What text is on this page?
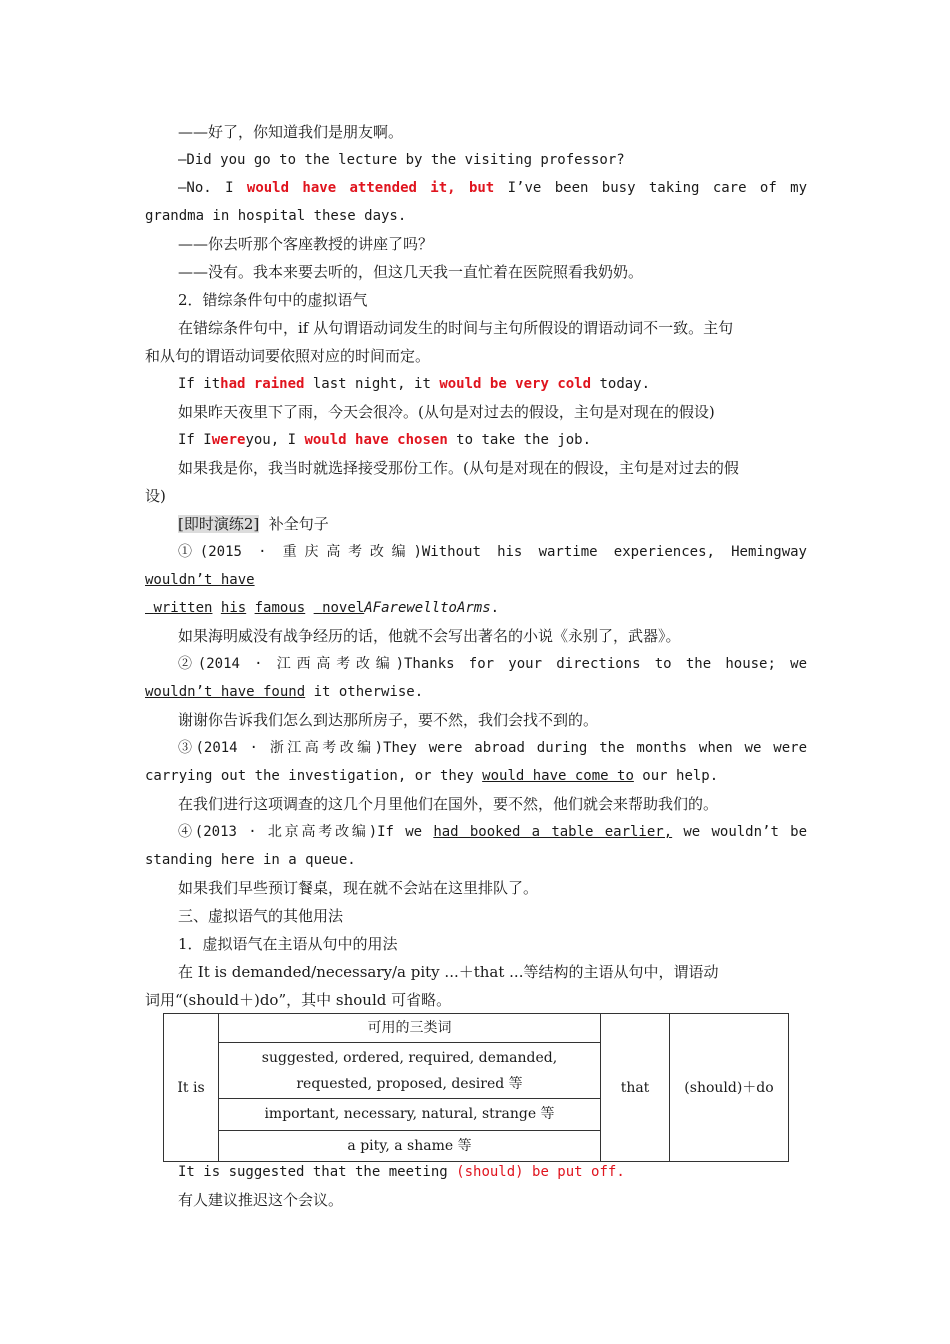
——好了，你知道我们是朋友啊。
—Did you go to the lecture by the visiting professor?
—No. I would have attended it, but I’ve been busy taking care of my
grandma in hospital these days.
——你去听那个客座教授的讲座了吗？
——没有。我本来要去听的，但这几天我一直忙着在医院照看我奶奶。
2．错综条件句中的虚拟语气
在错综条件句中，if 从句谓语动词发生的时间与主句所假设的谓语动词不一致。主句
和从句的谓语动词要依照对应的时间而定。
If ithad rained last night, it would be very cold today.
如果昨天夜里下了雨，今天会很冷。(从句是对过去的假设，主句是对现在的假设)
If Iwereyou, I would have chosen to take the job.
如果我是你，我当时就选择接受那份工作。(从句是对现在的假设，主句是对过去的假
设)
[即时演练2] 补全句子
①(2015 · 重庆高考改编)Without his wartime experiences, Hemingway
wouldn’t have
written his famous novelAFarewelltoArms.
如果海明威没有战争经历的话，他就不会写出著名的小说《永别了，武器》。
②(2014 · 江西高考改编)Thanks for your directions to the house; we
wouldn’t have found it otherwise.
谢谢你告诉我们怎么到达那所房子，要不然，我们会找不到的。
③(2014 · 浙江高考改编)They were abroad during the months when we were
carrying out the investigation, or they would have come to our help.
在我们进行这项调查的这几个月里他们在国外，要不然，他们就会来帮助我们的。
④(2013 · 北京高考改编)If we had booked a table earlier, we wouldn’t be
standing here in a queue.
如果我们早些预订餐桌，现在就不会站在这里排队了。
三、虚拟语气的其他用法
1．虚拟语气在主语从句中的用法
在 It is demanded/necessary/a pity ...＋that ...等结构的主语从句中，谓语动
词用“(should＋)do”，其中 should 可省略。
It is	可用的三类词	that	(should)＋do
suggested, ordered, required, demanded, requested, proposed, desired 等
important, necessary, natural, strange 等
a pity, a shame 等
It is suggested that the meeting (should) be put off.
有人建议推迟这个会议。
